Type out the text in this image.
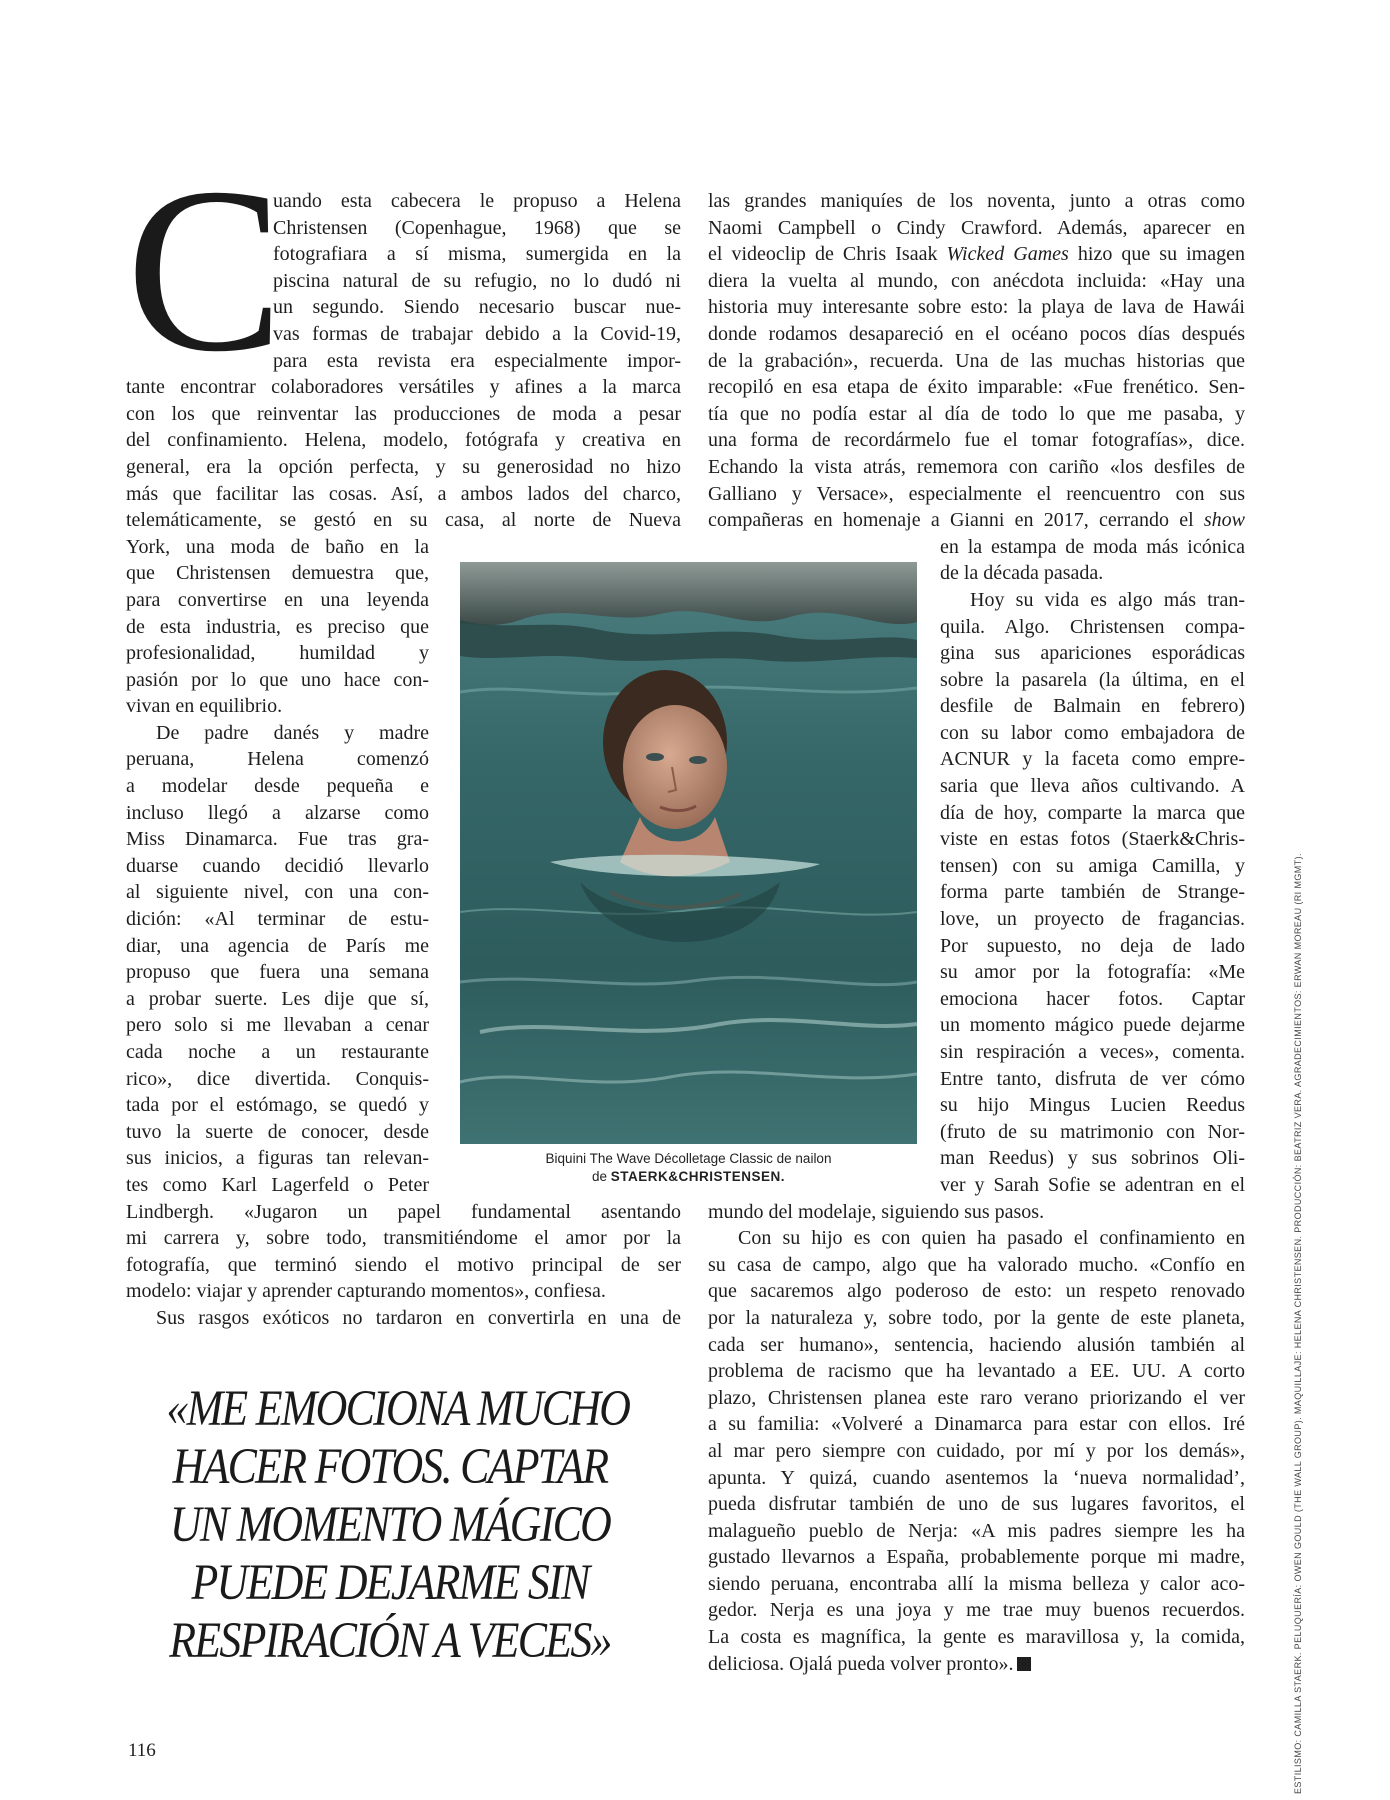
C

uando esta cabecera le propuso a Helena

Christensen (Copenhague, 1968) que se

fotografiara a sí misma, sumergida en la

piscina natural de su refugio, no lo dudó ni

un segundo. Siendo necesario buscar nue-

vas formas de trabajar debido a la Covid-19,

para esta revista era especialmente impor-

tante encontrar colaboradores versátiles y afines a la marca

con los que reinventar las producciones de moda a pesar

del confinamiento. Helena, modelo, fotógrafa y creativa en

general, era la opción perfecta, y su generosidad no hizo

más que facilitar las cosas. Así, a ambos lados del charco,

telemáticamente, se gestó en su casa, al norte de Nueva

York, una moda de baño en la

que Christensen demuestra que,

para convertirse en una leyenda

de esta industria, es preciso que

profesionalidad, humildad y

pasión por lo que uno hace con-

vivan en equilibrio.

De padre danés y madre

peruana, Helena comenzó

a modelar desde pequeña e

incluso llegó a alzarse como

Miss Dinamarca. Fue tras gra-

duarse cuando decidió llevarlo

al siguiente nivel, con una con-

dición: «Al terminar de estu-

diar, una agencia de París me

propuso que fuera una semana

a probar suerte. Les dije que sí,

pero solo si me llevaban a cenar

cada noche a un restaurante

rico», dice divertida. Conquis-

tada por el estómago, se quedó y

tuvo la suerte de conocer, desde

sus inicios, a figuras tan relevan-

tes como Karl Lagerfeld o Peter

Lindbergh. «Jugaron un papel fundamental asentando

mi carrera y, sobre todo, transmitiéndome el amor por la

fotografía, que terminó siendo el motivo principal de ser

modelo: viajar y aprender capturando momentos», confiesa.

Sus rasgos exóticos no tardaron en convertirla en una de

las grandes maniquíes de los noventa, junto a otras como

Naomi Campbell o Cindy Crawford. Además, aparecer en

el videoclip de Chris Isaak Wicked Games hizo que su imagen

diera la vuelta al mundo, con anécdota incluida: «Hay una

historia muy interesante sobre esto: la playa de lava de Hawái

donde rodamos desapareció en el océano pocos días después

de la grabación», recuerda. Una de las muchas historias que

recopiló en esa etapa de éxito imparable: «Fue frenético. Sen-

tía que no podía estar al día de todo lo que me pasaba, y

una forma de recordármelo fue el tomar fotografías», dice.

Echando la vista atrás, rememora con cariño «los desfiles de

Galliano y Versace», especialmente el reencuentro con sus

compañeras en homenaje a Gianni en 2017, cerrando el show

en la estampa de moda más icónica

de la década pasada.

Hoy su vida es algo más tran-

quila. Algo. Christensen compa-

gina sus apariciones esporádicas

sobre la pasarela (la última, en el

desfile de Balmain en febrero)

con su labor como embajadora de

ACNUR y la faceta como empre-

saria que lleva años cultivando. A

día de hoy, comparte la marca que

viste en estas fotos (Staerk&Chris-

tensen) con su amiga Camilla, y

forma parte también de Strange-

love, un proyecto de fragancias.

Por supuesto, no deja de lado

su amor por la fotografía: «Me

emociona hacer fotos. Captar

un momento mágico puede dejarme

sin respiración a veces», comenta.

Entre tanto, disfruta de ver cómo

su hijo Mingus Lucien Reedus

(fruto de su matrimonio con Nor-

man Reedus) y sus sobrinos Oli-

ver y Sarah Sofie se adentran en el

mundo del modelaje, siguiendo sus pasos.

Con su hijo es con quien ha pasado el confinamiento en

su casa de campo, algo que ha valorado mucho. «Confío en

que sacaremos algo poderoso de esto: un respeto renovado

por la naturaleza y, sobre todo, por la gente de este planeta,

cada ser humano», sentencia, haciendo alusión también al

problema de racismo que ha levantado a EE. UU. A corto

plazo, Christensen planea este raro verano priorizando el ver

a su familia: «Volveré a Dinamarca para estar con ellos. Iré

al mar pero siempre con cuidado, por mí y por los demás»,

apunta. Y quizá, cuando asentemos la ‘nueva normalidad’,

pueda disfrutar también de uno de sus lugares favoritos, el

malagueño pueblo de Nerja: «A mis padres siempre les ha

gustado llevarnos a España, probablemente porque mi madre,

siendo peruana, encontraba allí la misma belleza y calor aco-

gedor. Nerja es una joya y me trae muy buenos recuerdos.

La costa es magnífica, la gente es maravillosa y, la comida,

deliciosa. Ojalá pueda volver pronto».

Biquini The Wave Décolletage Classic de nailon
de STAERK&CHRISTENSEN.
«ME EMOCIONA MUCHO
HACER FOTOS. CAPTAR
UN MOMENTO MÁGICO
PUEDE DEJARME SIN
RESPIRACIÓN A VECES»	ESTILISMO: CAMILLA STAERK. PELUQUERÍA: OWEN GOULD (THE WALL GROUP). MAQUILLAJE: HELENA CHRISTENSEN. PRODUCCIÓN: BEATRIZ VERA. AGRADECIMIENTOS: ERWAN MOREAU (RI MGMT).
116
